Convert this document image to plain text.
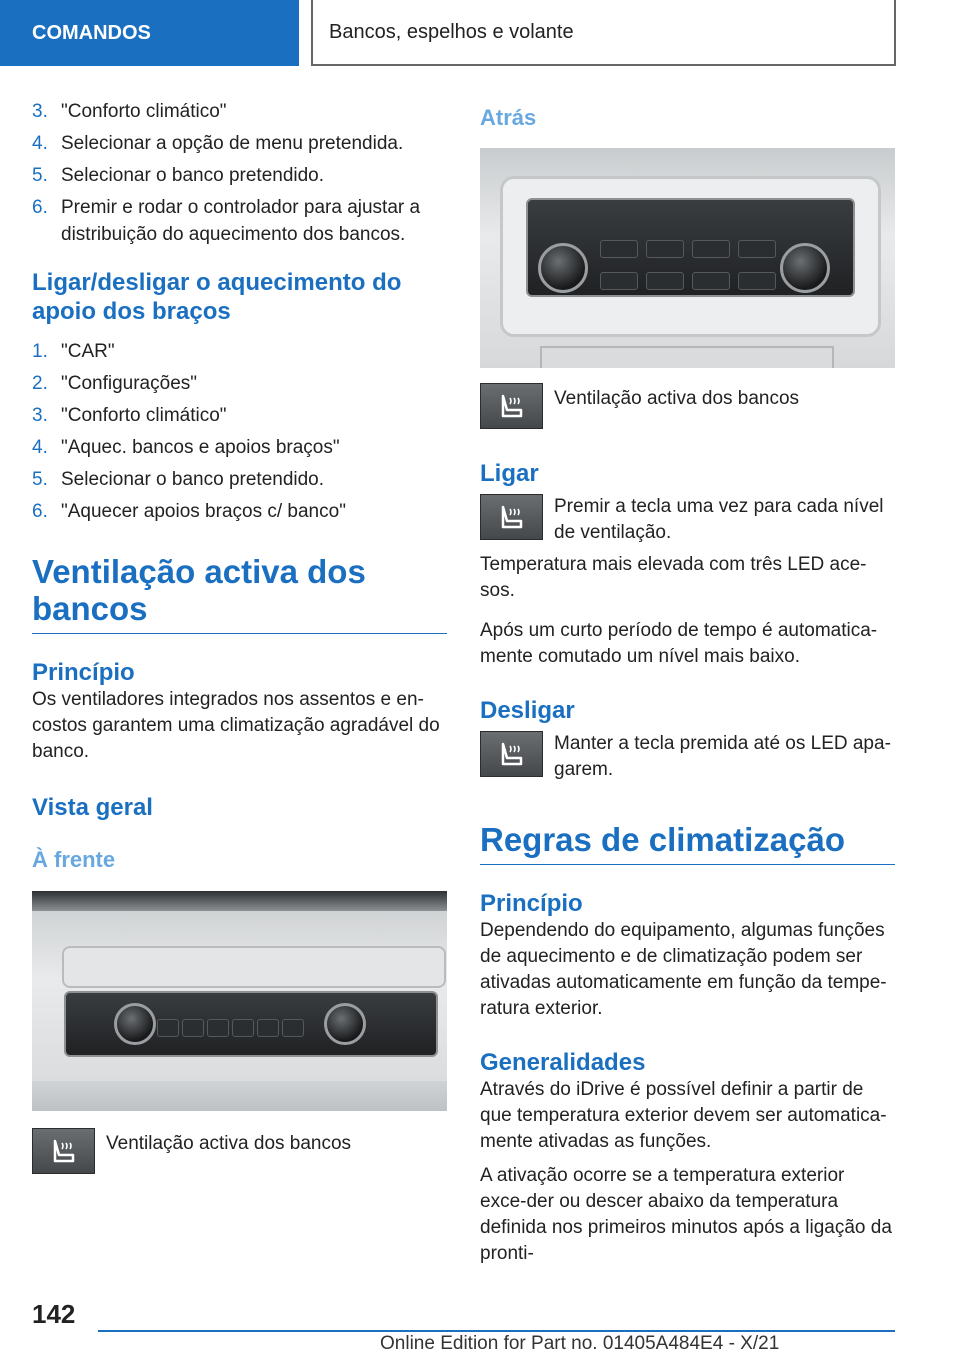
COMANDOS	Bancos, espelhos e volante
3. "Conforto climático"
4. Selecionar a opção de menu pretendida.
5. Selecionar o banco pretendido.
6. Premir e rodar o controlador para ajustar a distribuição do aquecimento dos bancos.
Ligar/desligar o aquecimento do apoio dos braços
1. "CAR"
2. "Configurações"
3. "Conforto climático"
4. "Aquec. bancos e apoios braços"
5. Selecionar o banco pretendido.
6. "Aquecer apoios braços c/ banco"
Ventilação activa dos bancos
Princípio

Os ventiladores integrados nos assentos e en-costos garantem uma climatização agradável do banco.

Vista geral
À frente
Ventilação activa dos bancos
Atrás
Ventilação activa dos bancos
Ligar
Premir a tecla uma vez para cada nível de ventilação.

Temperatura mais elevada com três LED ace-sos.

Após um curto período de tempo é automatica-mente comutado um nível mais baixo.

Desligar
Manter a tecla premida até os LED apa-garem.
Regras de climatização
Princípio

Dependendo do equipamento, algumas funções de aquecimento e de climatização podem ser ativadas automaticamente em função da tempe-ratura exterior.

Generalidades

Através do iDrive é possível definir a partir de que temperatura exterior devem ser automatica-mente ativadas as funções.

A ativação ocorre se a temperatura exterior exce-der ou descer abaixo da temperatura definida nos primeiros minutos após a ligação da pronti-

142
Online Edition for Part no. 01405A484E4 - X/21
